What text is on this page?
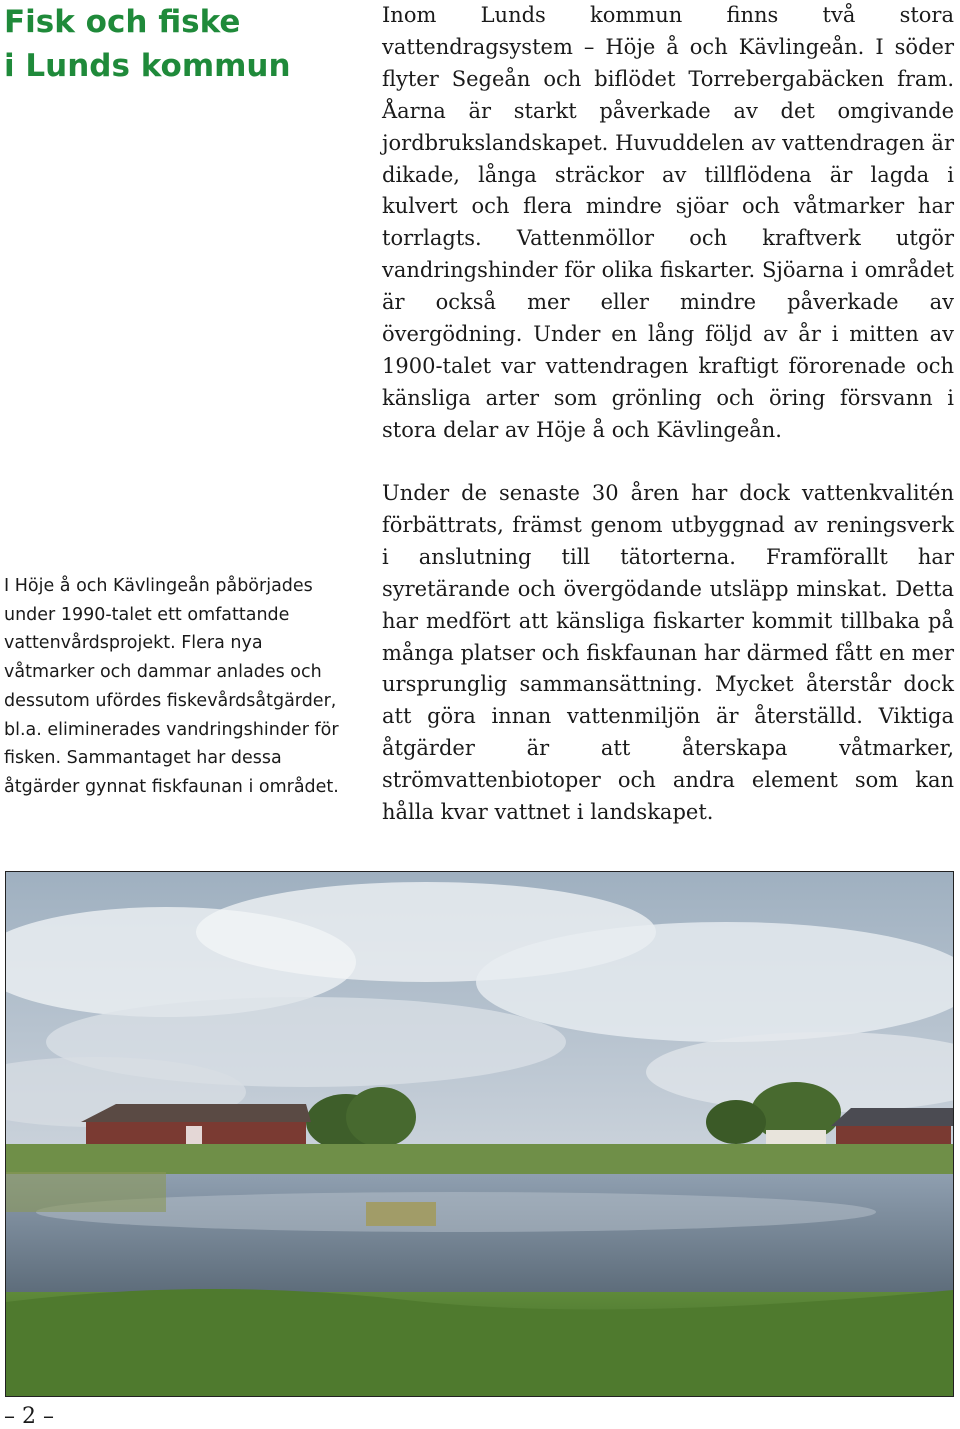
Fisk och fiske
i Lunds kommun

I Höje å och Kävlingeån påbörjades under 1990-talet ett omfattande vattenvårdsprojekt. Flera nya våtmarker och dammar anlades och dessutom ufördes fiskevårdsåtgärder, bl.a. eliminerades vandringshinder för fisken. Sammantaget har dessa åtgärder gynnat fiskfaunan i området.

Inom Lunds kommun finns två stora vattendragsystem – Höje å och Kävlingeån. I söder flyter Segeån och biflödet Torrebergabäcken fram. Åarna är starkt påverkade av det omgivande jordbrukslandskapet. Huvuddelen av vattendragen är dikade, långa sträckor av tillflödena är lagda i kulvert och flera mindre sjöar och våtmarker har torrlagts. Vattenmöllor och kraftverk utgör vandringshinder för olika fiskarter. Sjöarna i området är också mer eller mindre påverkade av övergödning. Under en lång följd av år i mitten av 1900-talet var vattendragen kraftigt förorenade och känsliga arter som grönling och öring försvann i stora delar av Höje å och Kävlingeån.

Under de senaste 30 åren har dock vattenkvalitén förbättrats, främst genom utbyggnad av reningsverk i anslutning till tätorterna. Framförallt har syretärande och övergödande utsläpp minskat. Detta har medfört att känsliga fiskarter kommit tillbaka på många platser och fiskfaunan har därmed fått en mer ursprunglig sammansättning. Mycket återstår dock att göra innan vattenmiljön är återställd. Viktiga åtgärder är att återskapa våtmarker, strömvattenbiotoper och andra element som kan hålla kvar vattnet i landskapet.

– 2 –
